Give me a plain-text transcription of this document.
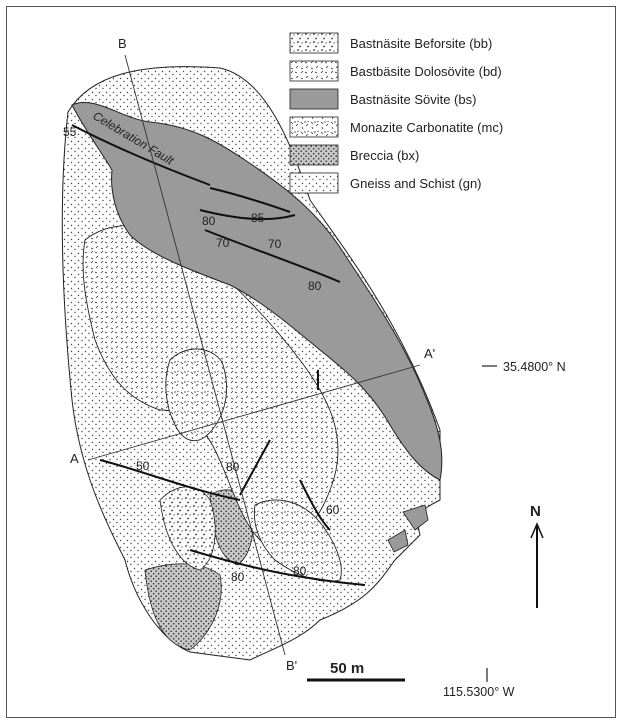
55
85
80
70	70
80
50	80
60
80	80
Celebration Fault
B
B'
A
A'
35.4800° N
115.5300° W
N
50 m
Bastnäsite Beforsite (bb)
Bastbäsite Dolosövite (bd)
Bastnäsite Sövite (bs)
Monazite Carbonatite (mc)
Breccia (bx)
Gneiss and Schist (gn)
